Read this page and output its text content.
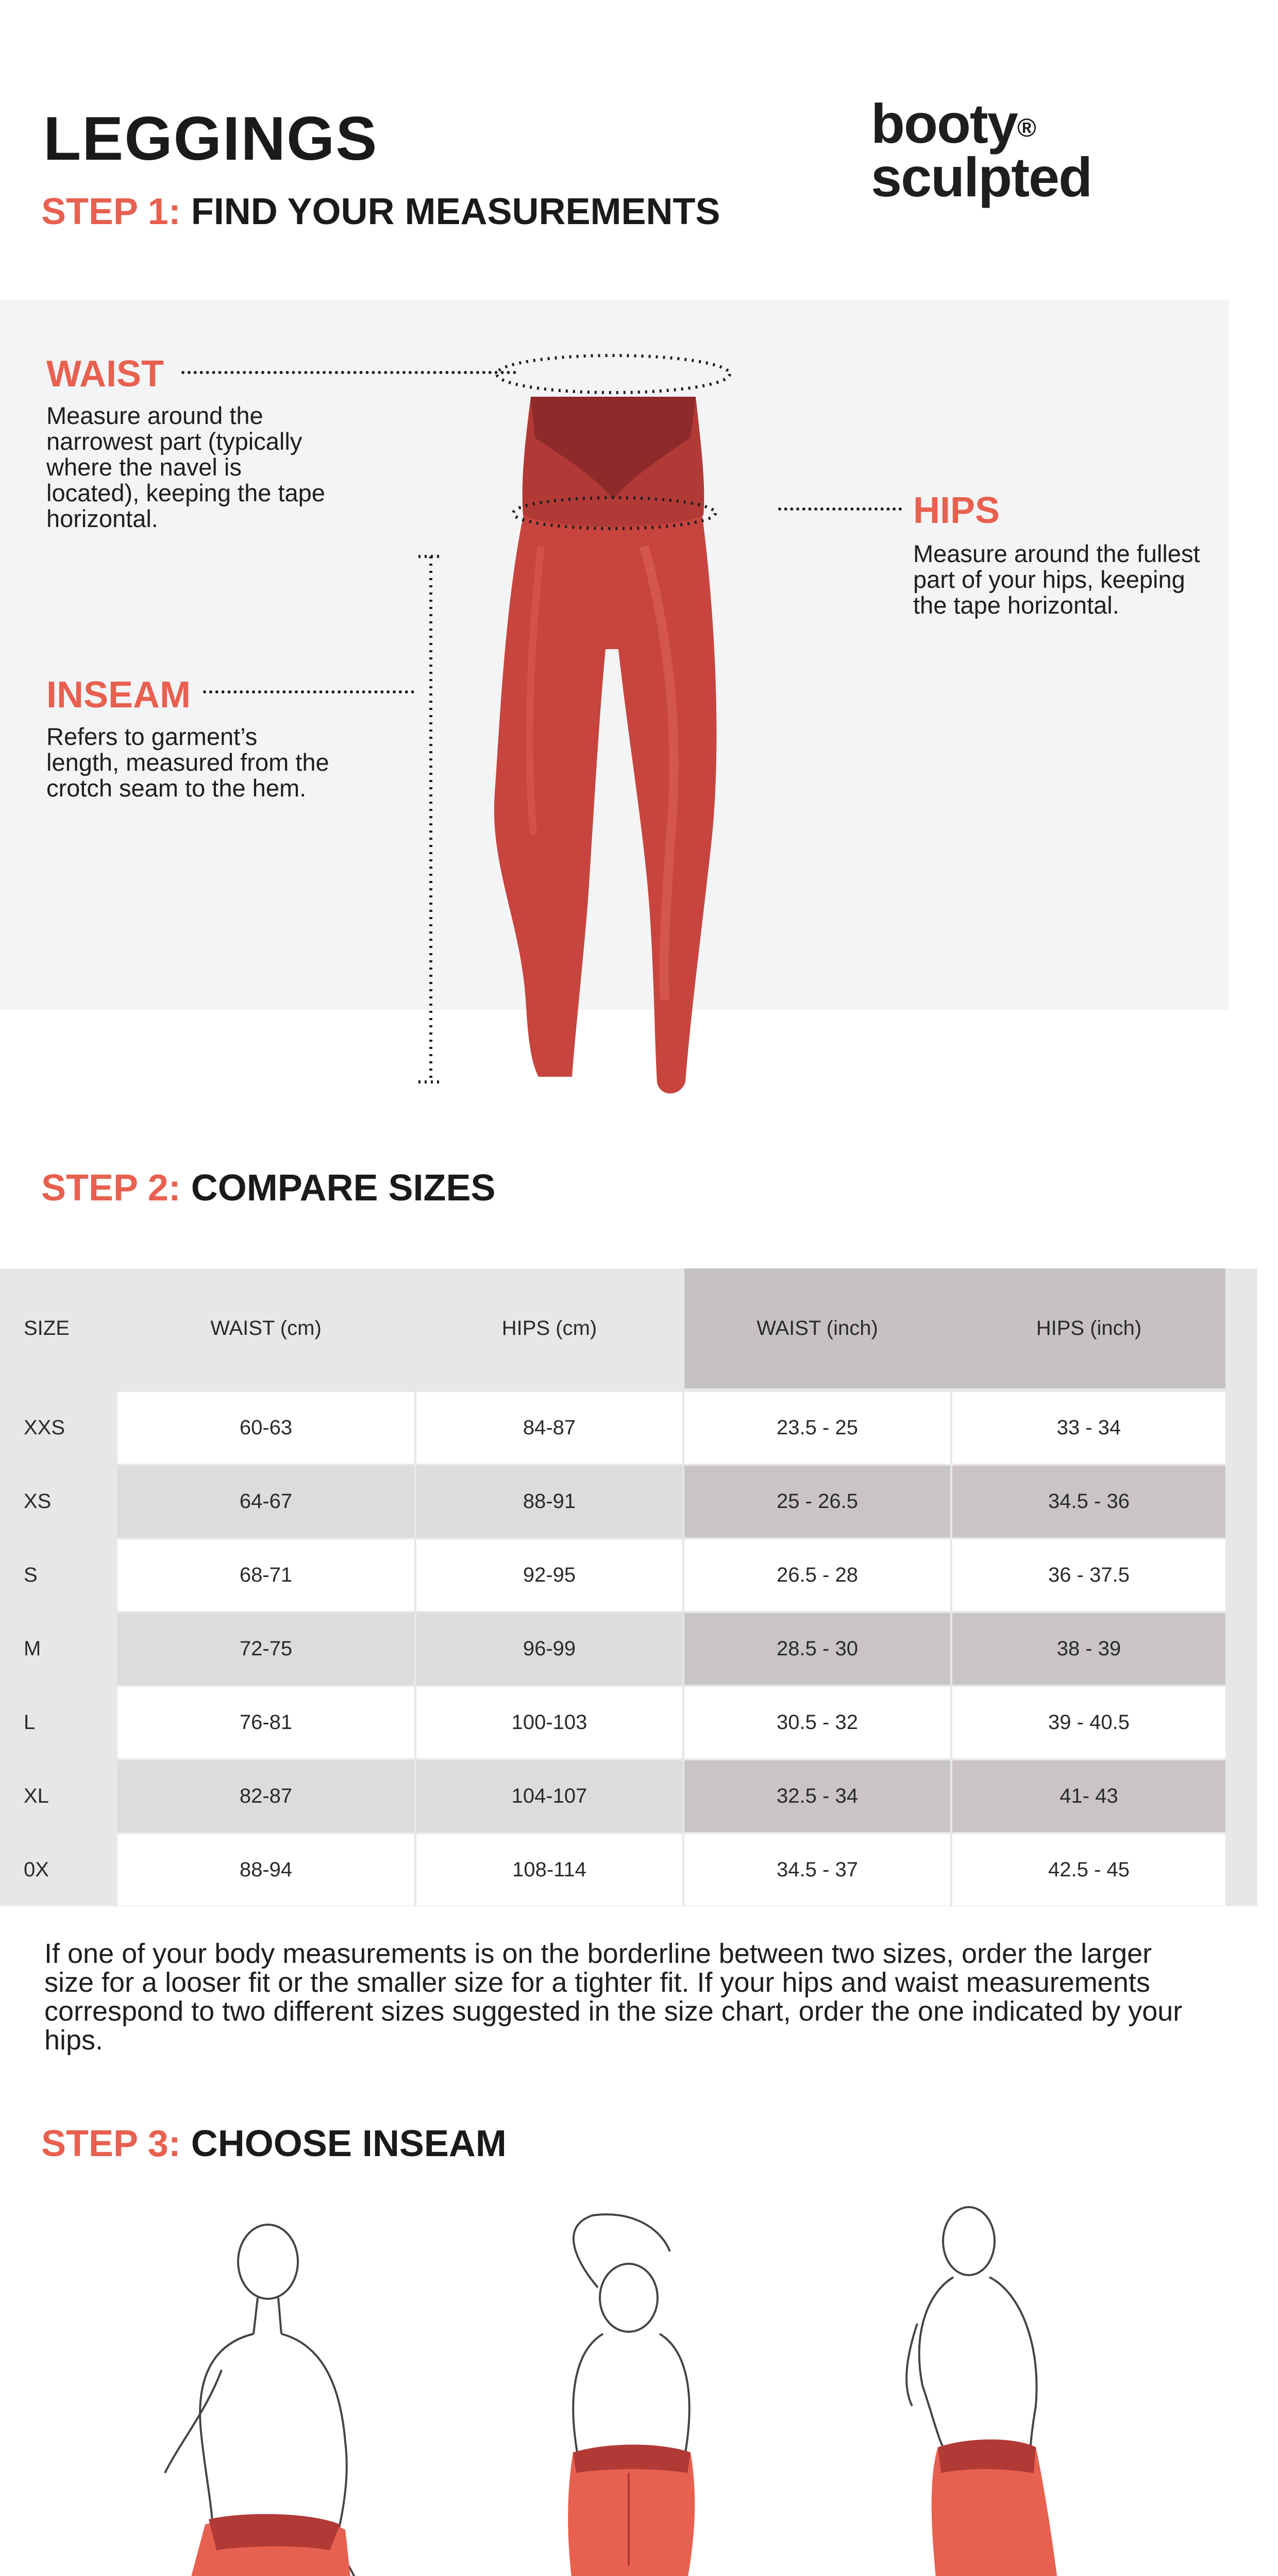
LEGGINGS	booty®
sculpted
STEP 1: FIND YOUR MEASUREMENTS
WAIST
Measure around the narrowest part (typically where the navel is located), keeping the tape horizontal.	HIPS
Measure around the fullest part of your hips, keeping the tape horizontal.
INSEAM
Refers to garment’s length, measured from the crotch seam to the hem.
STEP 2: COMPARE SIZES
SIZE	WAIST (cm)	HIPS (cm)	WAIST (inch)	HIPS (inch)
XXS	60-63	84-87	23.5 - 25	33 - 34
XS	64-67	88-91	25 - 26.5	34.5 - 36
S	68-71	92-95	26.5 - 28	36 - 37.5
M	72-75	96-99	28.5 - 30	38 - 39
L	76-81	100-103	30.5 - 32	39 - 40.5
XL	82-87	104-107	32.5 - 34	41- 43
0X	88-94	108-114	34.5 - 37	42.5 - 45
If one of your body measurements is on the borderline between two sizes, order the larger size for a looser fit or the smaller size for a tighter fit. If your hips and waist measurements correspond to two different sizes suggested in the size chart, order the one indicated by your hips.
STEP 3: CHOOSE INSEAM
